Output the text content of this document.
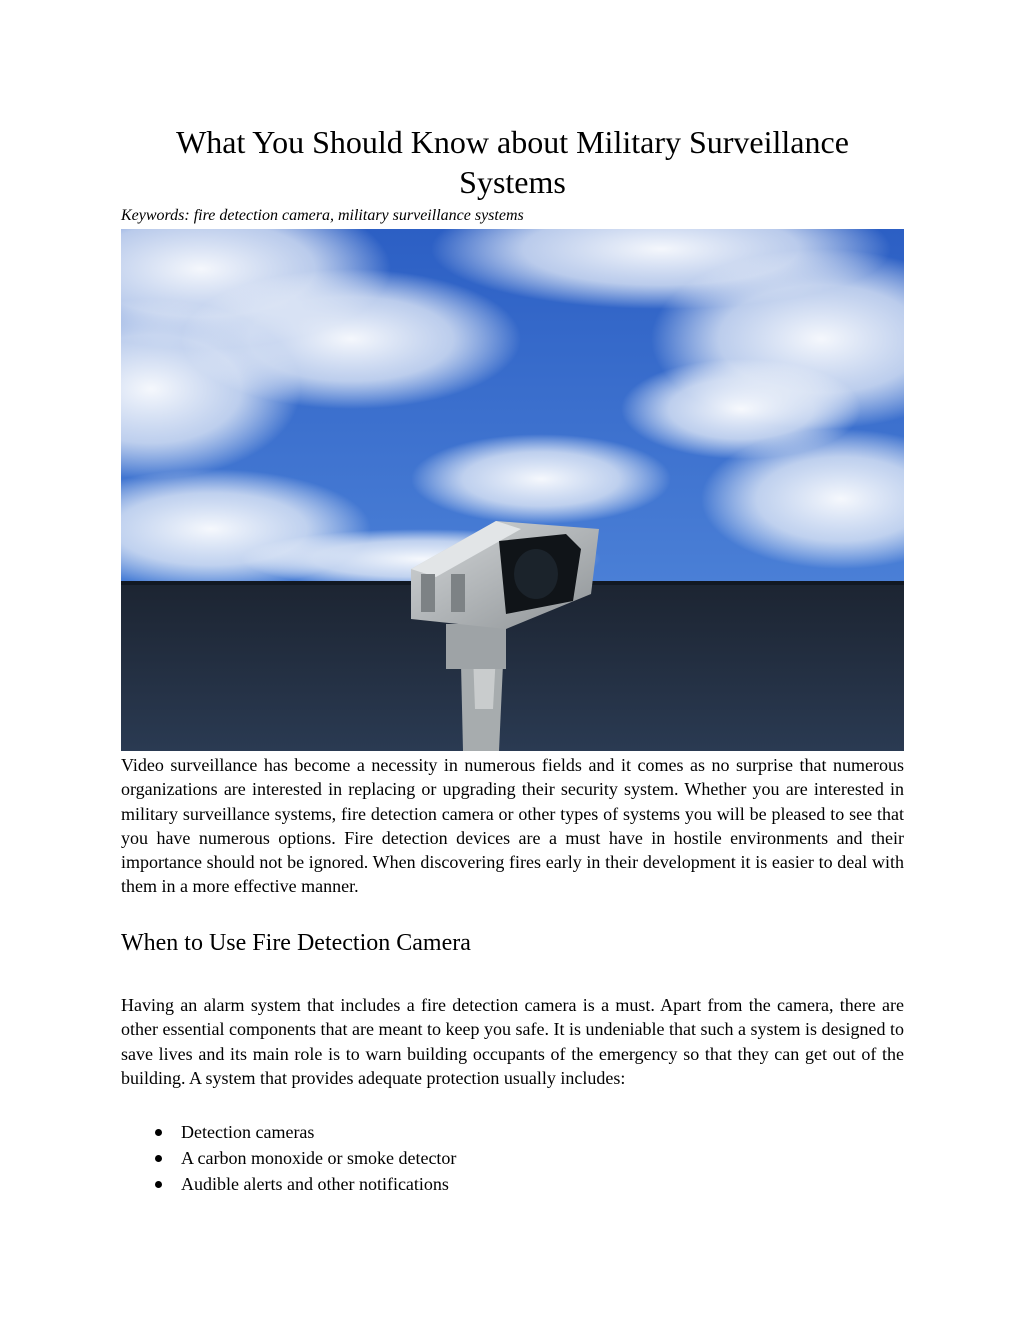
What You Should Know about Military Surveillance Systems

Keywords: fire detection camera, military surveillance systems

Video surveillance has become a necessity in numerous fields and it comes as no surprise that numerous organizations are interested in replacing or upgrading their security system. Whether you are interested in military surveillance systems, fire detection camera or other types of systems you will be pleased to see that you have numerous options. Fire detection devices are a must have in hostile environments and their importance should not be ignored. When discovering fires early in their development it is easier to deal with them in a more effective manner.

When to Use Fire Detection Camera

Having an alarm system that includes a fire detection camera is a must. Apart from the camera, there are other essential components that are meant to keep you safe. It is undeniable that such a system is designed to save lives and its main role is to warn building occupants of the emergency so that they can get out of the building. A system that provides adequate protection usually includes:

Detection cameras
A carbon monoxide or smoke detector
Audible alerts and other notifications
